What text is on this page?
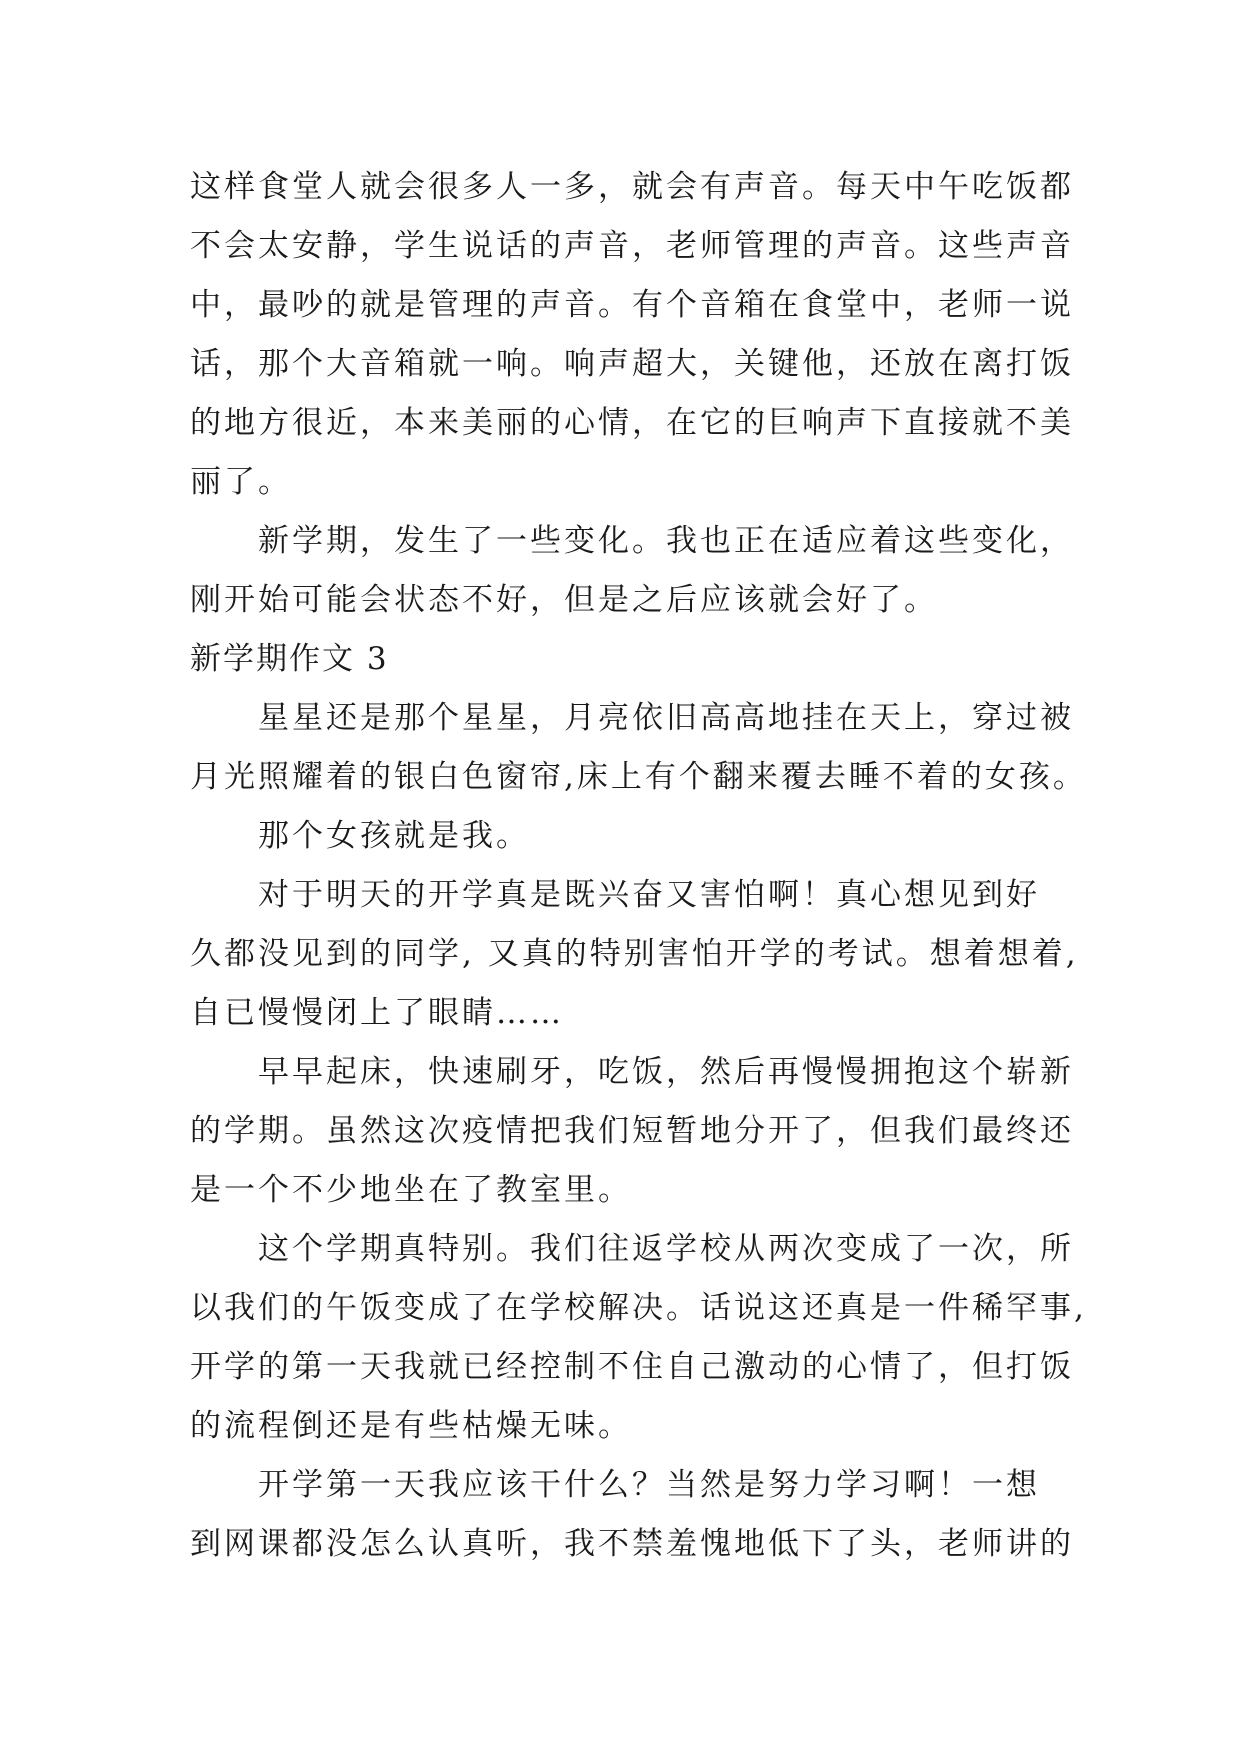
这样食堂人就会很多人一多，就会有声音。每天中午吃饭都
不会太安静，学生说话的声音，老师管理的声音。这些声音
中，最吵的就是管理的声音。有个音箱在食堂中，老师一说
话，那个大音箱就一响。响声超大，关键他，还放在离打饭
的地方很近，本来美丽的心情，在它的巨响声下直接就不美
丽了。
新学期，发生了一些变化。我也正在适应着这些变化，
刚开始可能会状态不好，但是之后应该就会好了。
新学期作文 3
星星还是那个星星，月亮依旧高高地挂在天上，穿过被
月光照耀着的银白色窗帘,床上有个翻来覆去睡不着的女孩。
那个女孩就是我。
对于明天的开学真是既兴奋又害怕啊！真心想见到好
久都没见到的同学, 又真的特别害怕开学的考试。想着想着,
自已慢慢闭上了眼睛……
早早起床，快速刷牙，吃饭，然后再慢慢拥抱这个崭新
的学期。虽然这次疫情把我们短暂地分开了，但我们最终还
是一个不少地坐在了教室里。
这个学期真特别。我们往返学校从两次变成了一次，所
以我们的午饭变成了在学校解决。话说这还真是一件稀罕事,
开学的第一天我就已经控制不住自己激动的心情了，但打饭
的流程倒还是有些枯燥无味。
开学第一天我应该干什么？当然是努力学习啊！一想
到网课都没怎么认真听，我不禁羞愧地低下了头，老师讲的
